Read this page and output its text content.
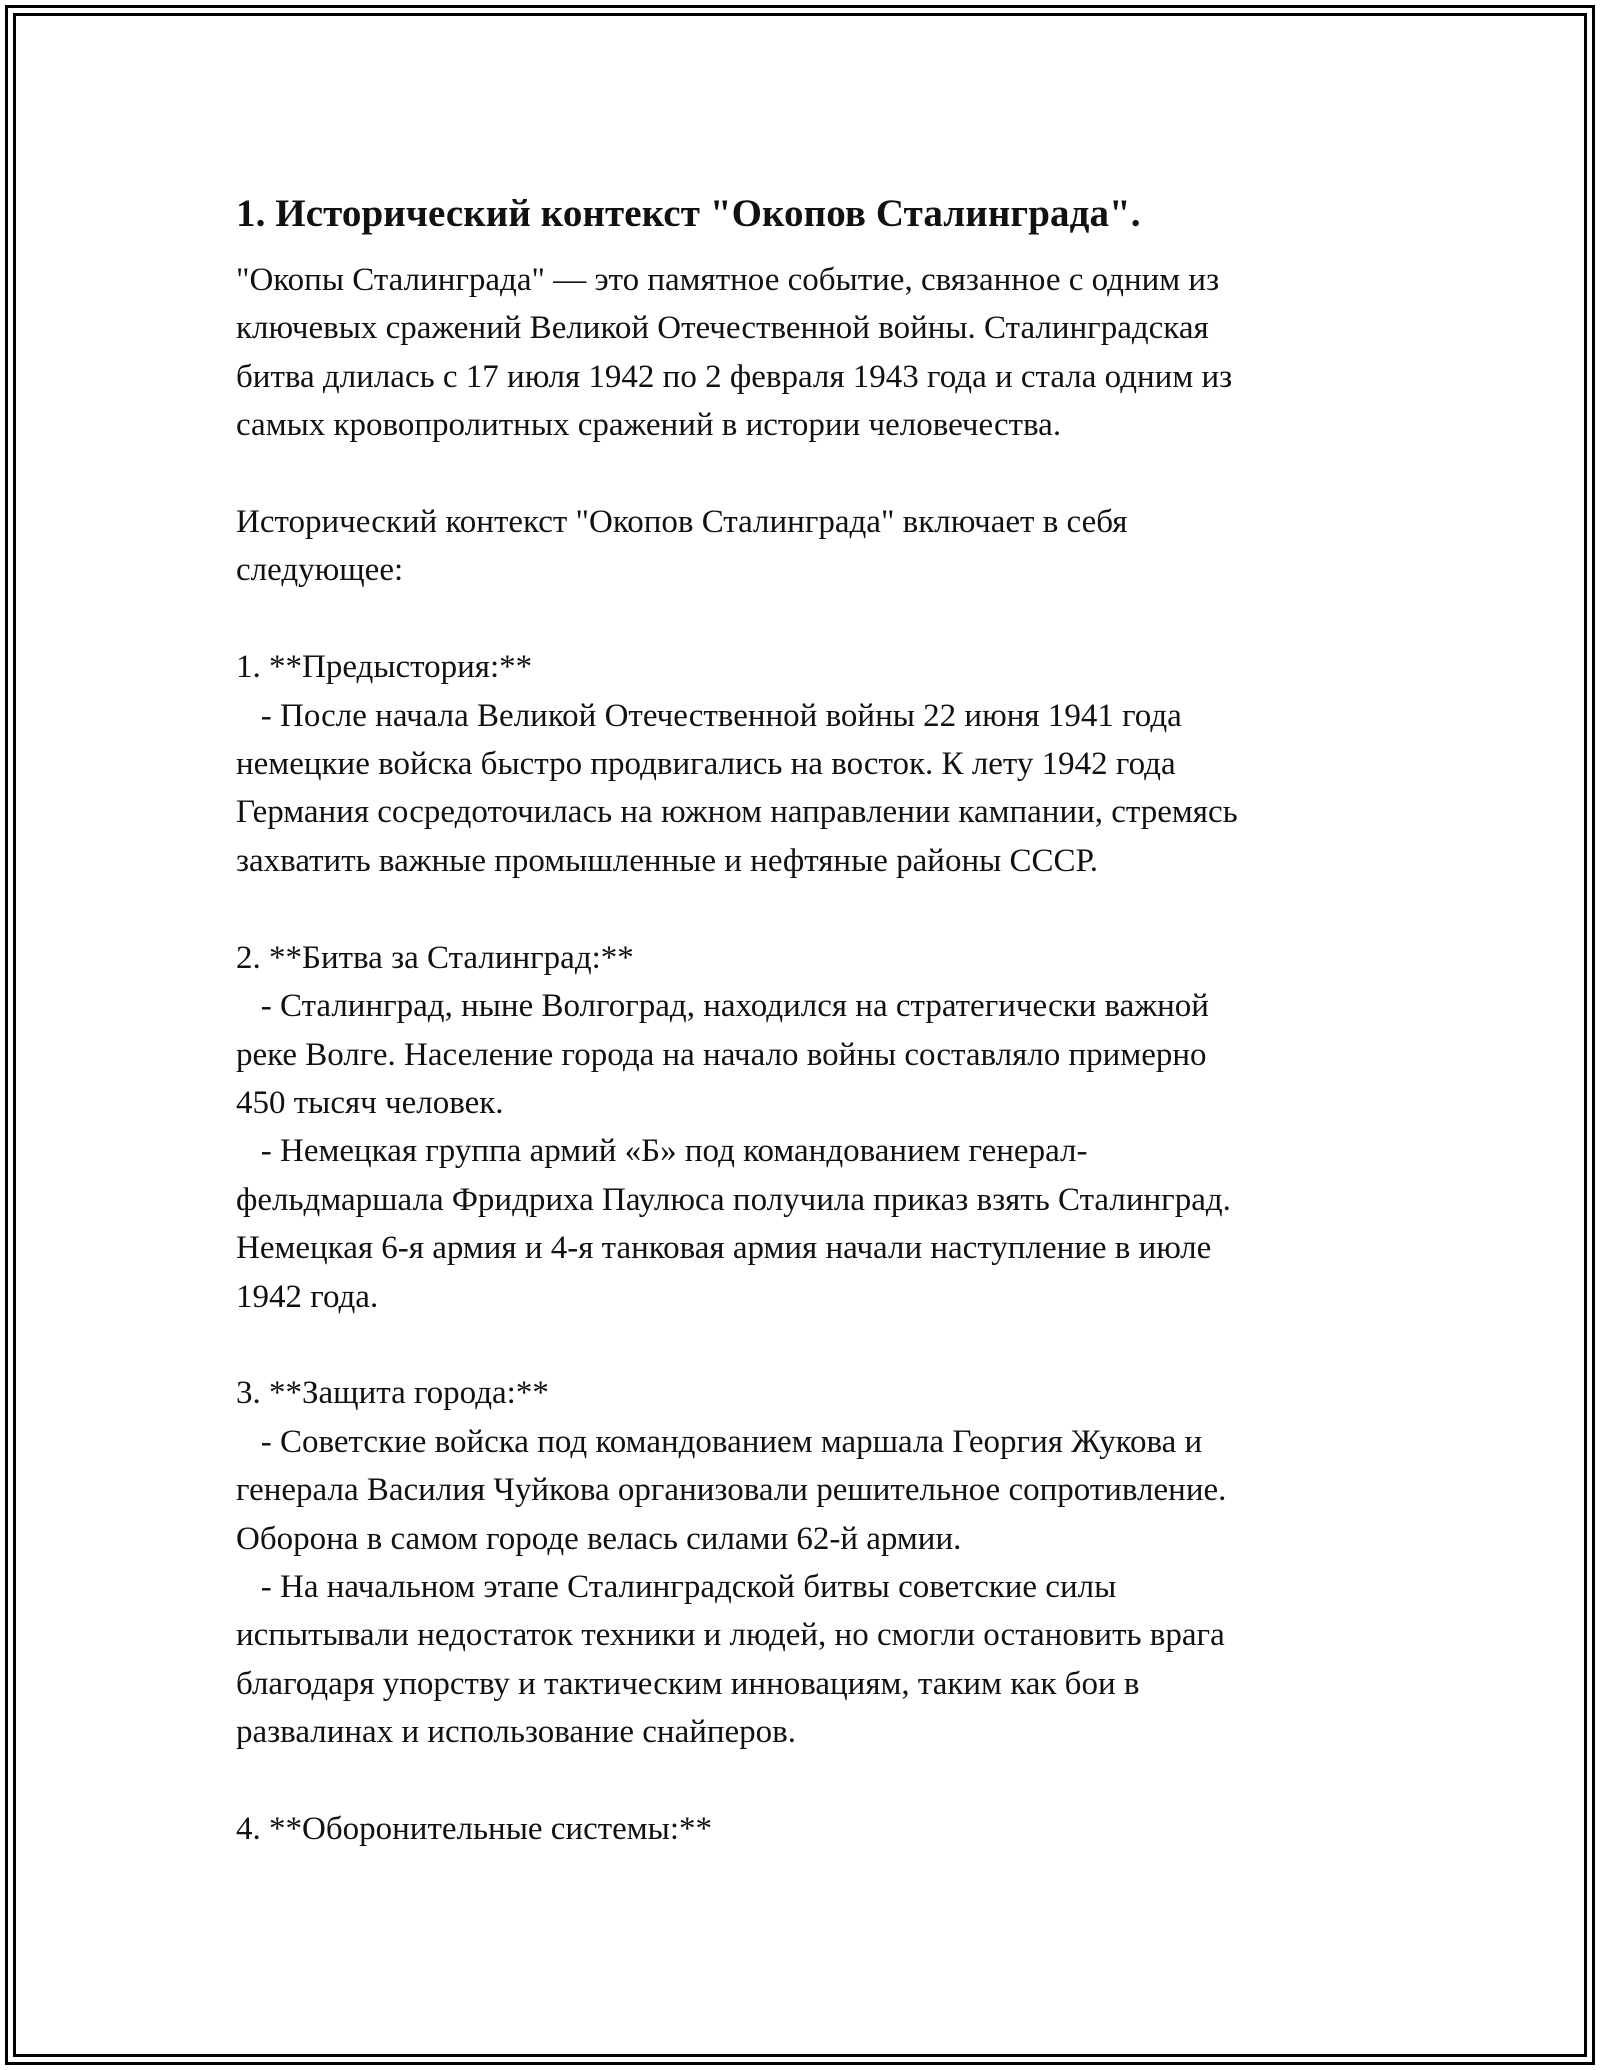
1. Исторический контекст "Окопов Сталинграда".

"Окопы Сталинграда" — это памятное событие, связанное с одним из
ключевых сражений Великой Отечественной войны. Сталинградская
битва длилась с 17 июля 1942 по 2 февраля 1943 года и стала одним из
самых кровопролитных сражений в истории человечества.

Исторический контекст "Окопов Сталинграда" включает в себя
следующее:

1. **Предыстория:**
- После начала Великой Отечественной войны 22 июня 1941 года
немецкие войска быстро продвигались на восток. К лету 1942 года
Германия сосредоточилась на южном направлении кампании, стремясь
захватить важные промышленные и нефтяные районы СССР.

2. **Битва за Сталинград:**
- Сталинград, ныне Волгоград, находился на стратегически важной
реке Волге. Население города на начало войны составляло примерно
450 тысяч человек.
- Немецкая группа армий «Б» под командованием генерал-
фельдмаршала Фридриха Паулюса получила приказ взять Сталинград.
Немецкая 6-я армия и 4-я танковая армия начали наступление в июле
1942 года.

3. **Защита города:**
- Советские войска под командованием маршала Георгия Жукова и
генерала Василия Чуйкова организовали решительное сопротивление.
Оборона в самом городе велась силами 62-й армии.
- На начальном этапе Сталинградской битвы советские силы
испытывали недостаток техники и людей, но смогли остановить врага
благодаря упорству и тактическим инновациям, таким как бои в
развалинах и использование снайперов.

4. **Оборонительные системы:**
